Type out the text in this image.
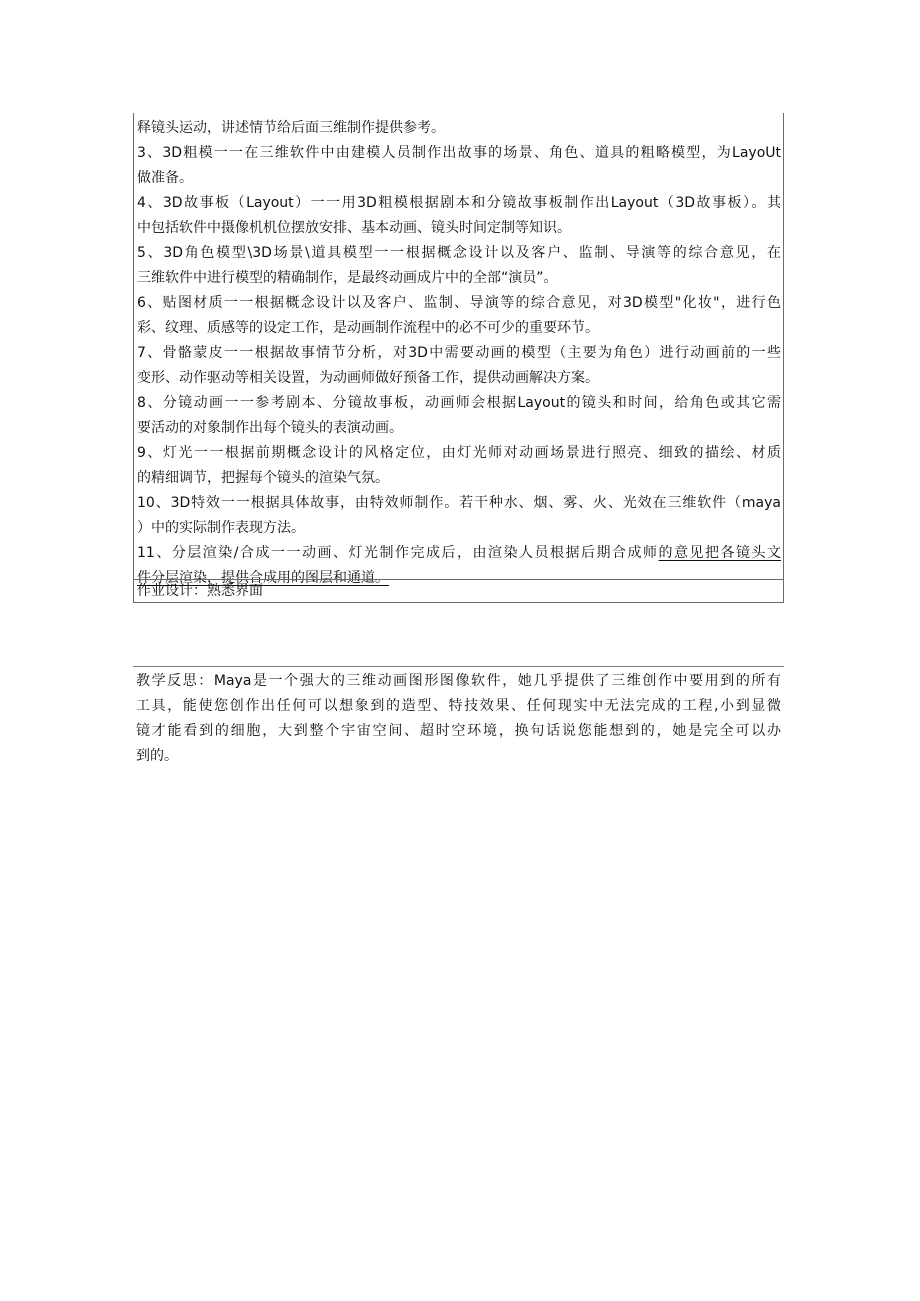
释镜头运动，讲述情节给后面三维制作提供参考。
3、3D粗模一一在三维软件中由建模人员制作出故事的场景、角色、道具的粗略模型，为LayoUt
做准备。
4、3D故事板（Layout）一一用3D粗模根据剧本和分镜故事板制作出Layout（3D故事板）。其
中包括软件中摄像机机位摆放安排、基本动画、镜头时间定制等知识。
5、3D角色模型\3D场景\道具模型一一根据概念设计以及客户、监制、导演等的综合意见，在
三维软件中进行模型的精确制作，是最终动画成片中的全部“演员”。
6、贴图材质一一根据概念设计以及客户、监制、导演等的综合意见，对3D模型"化妆"，进行色
彩、纹理、质感等的设定工作，是动画制作流程中的必不可少的重要环节。
7、骨骼蒙皮一一根据故事情节分析，对3D中需要动画的模型（主要为角色）进行动画前的一些
变形、动作驱动等相关设置，为动画师做好预备工作，提供动画解决方案。
8、分镜动画一一参考剧本、分镜故事板，动画师会根据Layout的镜头和时间，给角色或其它需
要活动的对象制作出每个镜头的表演动画。
9、灯光一一根据前期概念设计的风格定位，由灯光师对动画场景进行照亮、细致的描绘、材质
的精细调节，把握每个镜头的渲染气氛。
10、3D特效一一根据具体故事，由特效师制作。若干种水、烟、雾、火、光效在三维软件（maya
）中的实际制作表现方法。
11、分层渲染/合成一一动画、灯光制作完成后，由渲染人员根据后期合成师的意见把各镜头文
件分层渲染，提供合成用的图层和通道。
作业设计：熟悉界面
教学反思：Maya是一个强大的三维动画图形图像软件，她几乎提供了三维创作中要用到的所有
工具，能使您创作出任何可以想象到的造型、特技效果、任何现实中无法完成的工程,小到显微
镜才能看到的细胞，大到整个宇宙空间、超时空环境，换句话说您能想到的，她是完全可以办
到的。
